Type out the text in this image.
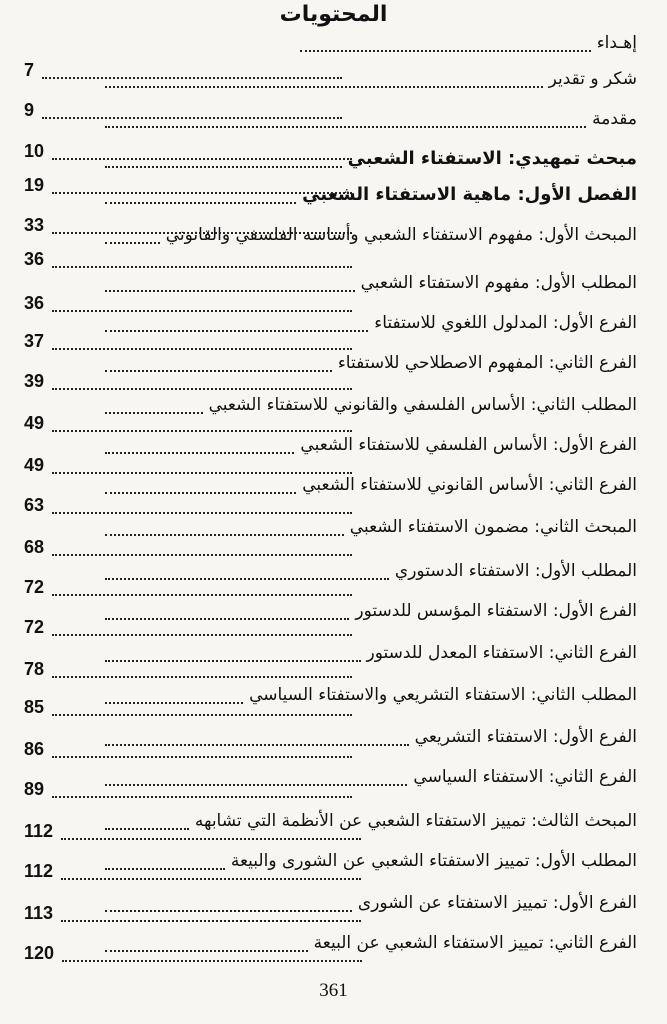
المحتويات
إهـداء
شكر و تقدير
مقدمة
مبحث تمهيدي: الاستفتاء الشعبي
الفصل الأول: ماهية الاستفتاء الشعبي
المبحث الأول: مفهوم الاستفتاء الشعبي وأساسه الفلسفي والقانوني
المطلب الأول: مفهوم الاستفتاء الشعبي
الفرع الأول: المدلول اللغوي للاستفتاء
الفرع الثاني: المفهوم الاصطلاحي للاستفتاء
المطلب الثاني: الأساس الفلسفي والقانوني للاستفتاء الشعبي
الفرع الأول: الأساس الفلسفي للاستفتاء الشعبي
الفرع الثاني: الأساس القانوني للاستفتاء الشعبي
المبحث الثاني: مضمون الاستفتاء الشعبي
المطلب الأول: الاستفتاء الدستوري
الفرع الأول: الاستفتاء المؤسس للدستور
الفرع الثاني: الاستفتاء المعدل للدستور
المطلب الثاني: الاستفتاء التشريعي والاستفتاء السياسي
الفرع الأول: الاستفتاء التشريعي
الفرع الثاني: الاستفتاء السياسي
المبحث الثالث: تمييز الاستفتاء الشعبي عن الأنظمة التي تشابهه
المطلب الأول: تمييز الاستفتاء الشعبي عن الشورى والبيعة
الفرع الأول: تمييز الاستفتاء عن الشورى
الفرع الثاني: تمييز الاستفتاء الشعبي عن البيعة
7
9
10
19
33
36
36
37
39
49
49
63
68
72
72
78
85
86
89
112
112
113
120
361
